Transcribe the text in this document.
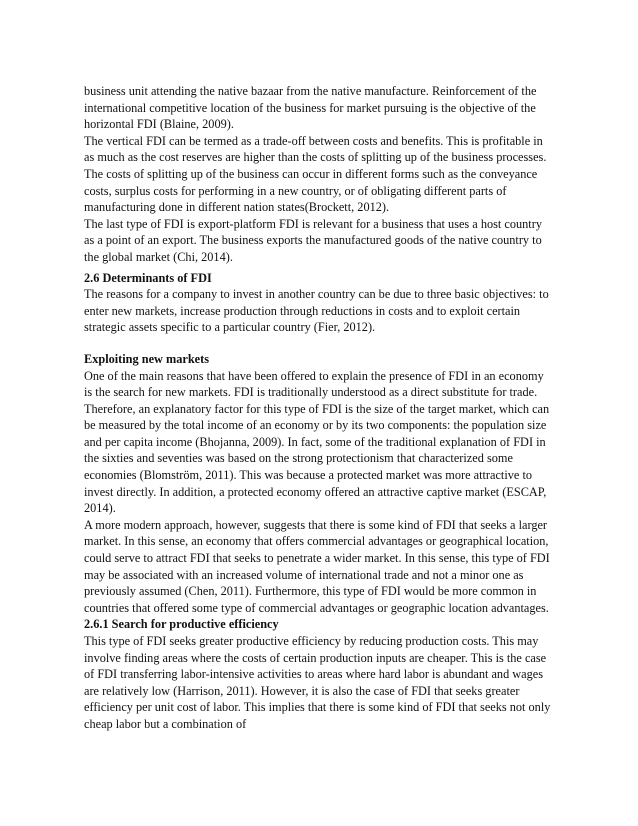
business unit attending the native bazaar from the native manufacture. Reinforcement of the international competitive location of the business for market pursuing is the objective of the horizontal FDI (Blaine, 2009).

The vertical FDI can be termed as a trade-off between costs and benefits. This is profitable in as much as the cost reserves are higher than the costs of splitting up of the business processes. The costs of splitting up of the business can occur in different forms such as the conveyance costs, surplus costs for performing in a new country, or of obligating different parts of manufacturing done in different nation states(Brockett, 2012).

The last type of FDI is export-platform FDI is relevant for a business that uses a host country as a point of an export. The business exports the manufactured goods of the native country to the global market (Chi, 2014).

2.6 Determinants of FDI

The reasons for a company to invest in another country can be due to three basic objectives: to enter new markets, increase production through reductions in costs and to exploit certain strategic assets specific to a particular country (Fier, 2012).

Exploiting new markets

One of the main reasons that have been offered to explain the presence of FDI in an economy is the search for new markets. FDI is traditionally understood as a direct substitute for trade. Therefore, an explanatory factor for this type of FDI is the size of the target market, which can be measured by the total income of an economy or by its two components: the population size and per capita income (Bhojanna, 2009). In fact, some of the traditional explanation of FDI in the sixties and seventies was based on the strong protectionism that characterized some economies (Blomström, 2011). This was because a protected market was more attractive to invest directly. In addition, a protected economy offered an attractive captive market (ESCAP, 2014).

A more modern approach, however, suggests that there is some kind of FDI that seeks a larger market. In this sense, an economy that offers commercial advantages or geographical location, could serve to attract FDI that seeks to penetrate a wider market. In this sense, this type of FDI may be associated with an increased volume of international trade and not a minor one as previously assumed (Chen, 2011). Furthermore, this type of FDI would be more common in countries that offered some type of commercial advantages or geographic location advantages.

2.6.1 Search for productive efficiency

This type of FDI seeks greater productive efficiency by reducing production costs. This may involve finding areas where the costs of certain production inputs are cheaper. This is the case of FDI transferring labor-intensive activities to areas where hard labor is abundant and wages are relatively low (Harrison, 2011). However, it is also the case of FDI that seeks greater efficiency per unit cost of labor. This implies that there is some kind of FDI that seeks not only cheap labor but a combination of
